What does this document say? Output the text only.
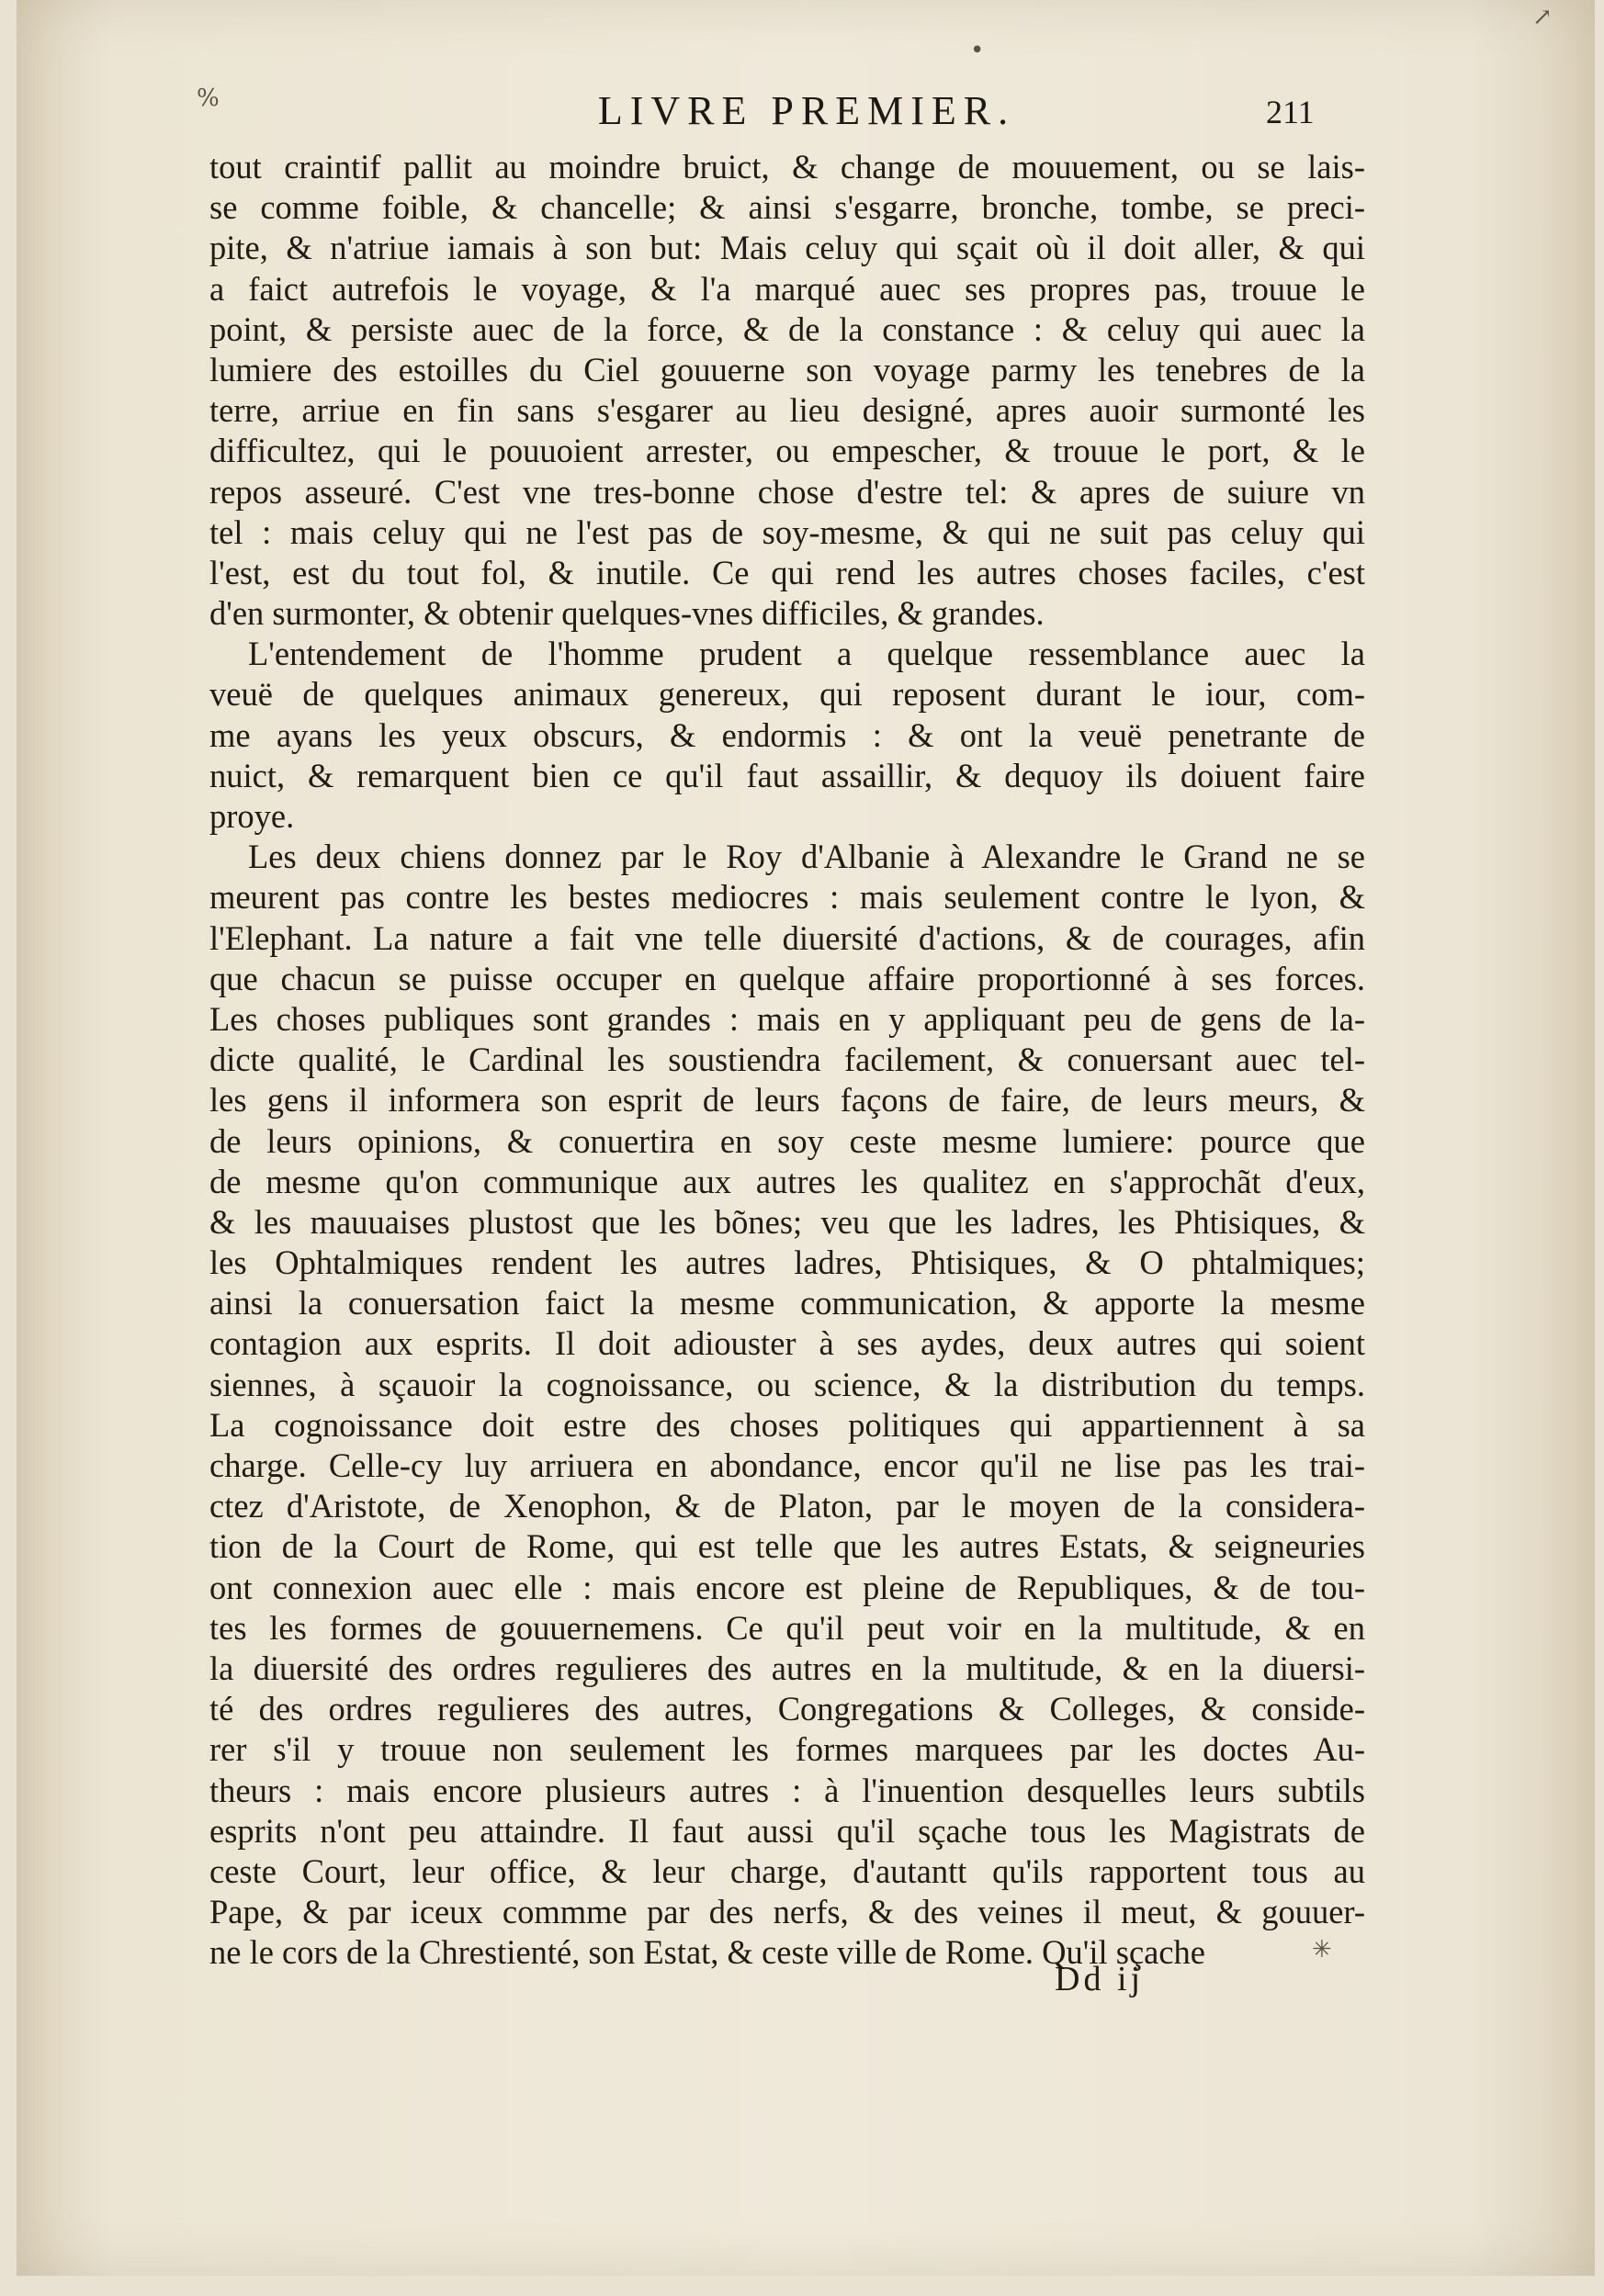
%
•
↗
✳
LIVRE PREMIER.	211
tout craintif pallit au moindre bruict, & change de mouuement, ou se lais-
se comme foible, & chancelle; & ainsi s'esgarre, bronche, tombe, se preci-
pite, & n'atriue iamais à son but: Mais celuy qui sçait où il doit aller, & qui
a faict autrefois le voyage, & l'a marqué auec ses propres pas, trouue le
point, & persiste auec de la force, & de la constance : & celuy qui auec la
lumiere des estoilles du Ciel gouuerne son voyage parmy les tenebres de la
terre, arriue en fin sans s'esgarer au lieu designé, apres auoir surmonté les
difficultez, qui le pouuoient arrester, ou empescher, & trouue le port, & le
repos asseuré. C'est vne tres-bonne chose d'estre tel: & apres de suiure vn
tel : mais celuy qui ne l'est pas de soy-mesme, & qui ne suit pas celuy qui
l'est, est du tout fol, & inutile. Ce qui rend les autres choses faciles, c'est
d'en surmonter, & obtenir quelques-vnes difficiles, & grandes.
L'entendement de l'homme prudent a quelque ressemblance auec la
veuë de quelques animaux genereux, qui reposent durant le iour, com-
me ayans les yeux obscurs, & endormis : & ont la veuë penetrante de
nuict, & remarquent bien ce qu'il faut assaillir, & dequoy ils doiuent faire
proye.
Les deux chiens donnez par le Roy d'Albanie à Alexandre le Grand ne se
meurent pas contre les bestes mediocres : mais seulement contre le lyon, &
l'Elephant. La nature a fait vne telle diuersité d'actions, & de courages, afin
que chacun se puisse occuper en quelque affaire proportionné à ses forces.
Les choses publiques sont grandes : mais en y appliquant peu de gens de la-
dicte qualité, le Cardinal les soustiendra facilement, & conuersant auec tel-
les gens il informera son esprit de leurs façons de faire, de leurs meurs, &
de leurs opinions, & conuertira en soy ceste mesme lumiere: pource que
de mesme qu'on communique aux autres les qualitez en s'approchãt d'eux,
& les mauuaises plustost que les bõnes; veu que les ladres, les Phtisiques, &
les Ophtalmiques rendent les autres ladres, Phtisiques, & O phtalmiques;
ainsi la conuersation faict la mesme communication, & apporte la mesme
contagion aux esprits. Il doit adiouster à ses aydes, deux autres qui soient
siennes, à sçauoir la cognoissance, ou science, & la distribution du temps.
La cognoissance doit estre des choses politiques qui appartiennent à sa
charge. Celle-cy luy arriuera en abondance, encor qu'il ne lise pas les trai-
ctez d'Aristote, de Xenophon, & de Platon, par le moyen de la considera-
tion de la Court de Rome, qui est telle que les autres Estats, & seigneuries
ont connexion auec elle : mais encore est pleine de Republiques, & de tou-
tes les formes de gouuernemens. Ce qu'il peut voir en la multitude, & en
la diuersité des ordres regulieres des autres en la multitude, & en la diuersi-
té des ordres regulieres des autres, Congregations & Colleges, & conside-
rer s'il y trouue non seulement les formes marquees par les doctes Au-
theurs : mais encore plusieurs autres : à l'inuention desquelles leurs subtils
esprits n'ont peu attaindre. Il faut aussi qu'il sçache tous les Magistrats de
ceste Court, leur office, & leur charge, d'autantt qu'ils rapportent tous au
Pape, & par iceux commme par des nerfs, & des veines il meut, & gouuer-
ne le cors de la Chrestienté, son Estat, & ceste ville de Rome. Qu'il sçache
Dd ij
